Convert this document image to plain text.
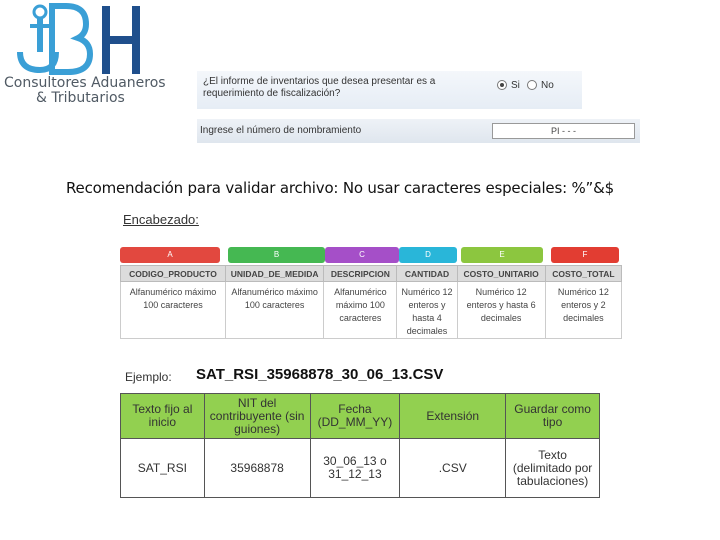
Consultores Aduaneros
& Tributarios
¿El informe de inventarios que desea presentar es a requerimiento de fiscalización?
Si No
Ingrese el número de nombramiento	PI - - -
Recomendación para validar archivo: No usar caracteres especiales: %”&$
Encabezado:
A	B	C	D	E	F
CODIGO_PRODUCTO	UNIDAD_DE_MEDIDA	DESCRIPCION	CANTIDAD	COSTO_UNITARIO	COSTO_TOTAL
Alfanumérico máximo 100 caracteres	Alfanumérico máximo 100 caracteres	Alfanumérico máximo 100 caracteres	Numérico 12 enteros y hasta 4 decimales	Numérico 12 enteros y hasta 6 decimales	Numérico 12 enteros y 2 decimales
Ejemplo: SAT_RSI_35968878_30_06_13.CSV
Texto fijo al inicio	NIT del contribuyente (sin guiones)	Fecha (DD_MM_YY)	Extensión	Guardar como tipo
SAT_RSI	35968878	30_06_13 o 31_12_13	.CSV	Texto (delimitado por tabulaciones)
